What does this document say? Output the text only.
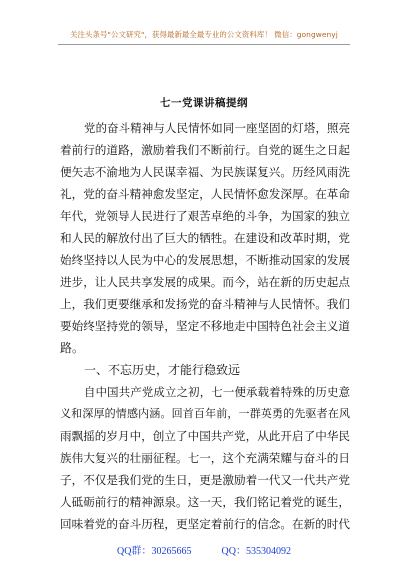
关注头条号"公文研究"，获得最新最全最专业的公文资料库！ 微信：gongwenyj
七一党课讲稿提纲
党的奋斗精神与人民情怀如同一座坚固的灯塔，照亮
着前行的道路，激励着我们不断前行。自党的诞生之日起
便矢志不渝地为人民谋幸福、为民族谋复兴。历经风雨洗
礼，党的奋斗精神愈发坚定，人民情怀愈发深厚。在革命
年代，党领导人民进行了艰苦卓绝的斗争，为国家的独立
和人民的解放付出了巨大的牺牲。在建设和改革时期，党
始终坚持以人民为中心的发展思想，不断推动国家的发展
进步，让人民共享发展的成果。而今，站在新的历史起点
上，我们更要继承和发扬党的奋斗精神与人民情怀。我们
要始终坚持党的领导，坚定不移地走中国特色社会主义道
路。
一、不忘历史，才能行稳致远
自中国共产党成立之初，七一便承载着特殊的历史意
义和深厚的情感内涵。回首百年前，一群英勇的先驱者在风
雨飘摇的岁月中，创立了中国共产党，从此开启了中华民
族伟大复兴的壮丽征程。七一，这个充满荣耀与奋斗的日
子，不仅是我们党的生日，更是激励着一代又一代共产党
人砥砺前行的精神源泉。这一天，我们铭记着党的诞生，
回味着党的奋斗历程，更坚定着前行的信念。在新的时代
QQ群：30265665	QQ：535304092
